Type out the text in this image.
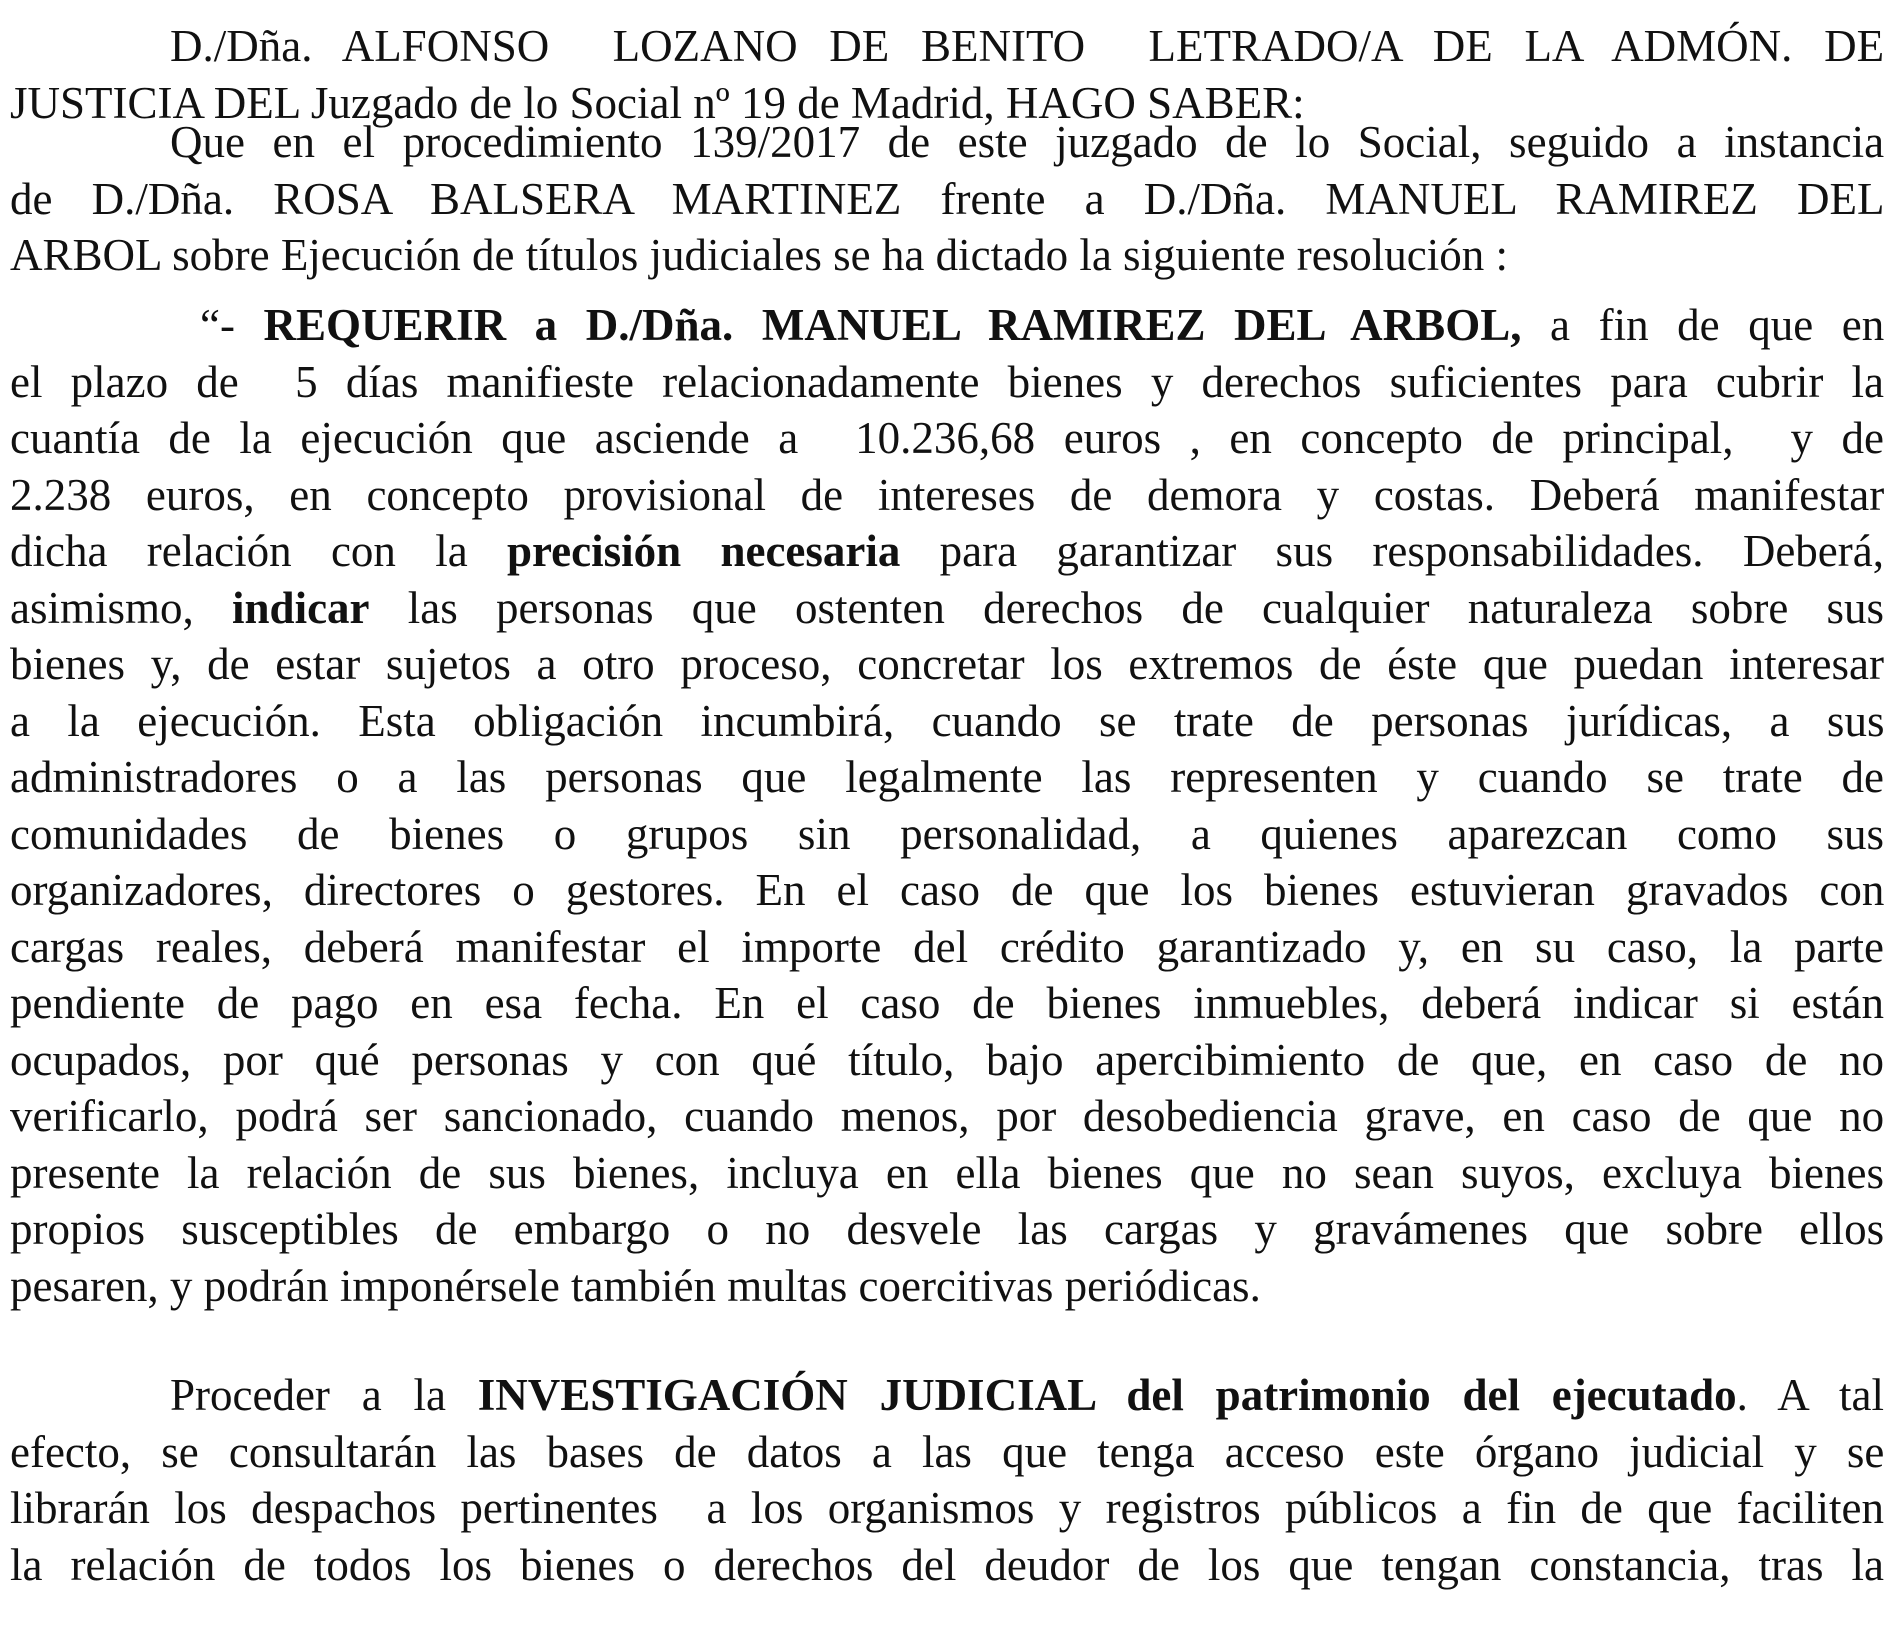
D./Dña. ALFONSO  LOZANO DE BENITO  LETRADO/A DE LA ADMÓN. DE
JUSTICIA DEL Juzgado de lo Social nº 19 de Madrid, HAGO SABER:
Que en el procedimiento 139/2017 de este juzgado de lo Social, seguido a instancia
de D./Dña. ROSA BALSERA MARTINEZ frente a D./Dña. MANUEL RAMIREZ DEL
ARBOL sobre Ejecución de títulos judiciales se ha dictado la siguiente resolución :
“- REQUERIR a D./Dña. MANUEL RAMIREZ DEL ARBOL, a fin de que en
el plazo de  5 días manifieste relacionadamente bienes y derechos suficientes para cubrir la
cuantía de la ejecución que asciende a  10.236,68 euros , en concepto de principal,  y de
2.238 euros, en concepto provisional de intereses de demora y costas. Deberá manifestar
dicha relación con la precisión necesaria para garantizar sus responsabilidades. Deberá,
asimismo, indicar las personas que ostenten derechos de cualquier naturaleza sobre sus
bienes y, de estar sujetos a otro proceso, concretar los extremos de éste que puedan interesar
a la ejecución. Esta obligación incumbirá, cuando se trate de personas jurídicas, a sus
administradores o a las personas que legalmente las representen y cuando se trate de
comunidades de bienes o grupos sin personalidad, a quienes aparezcan como sus
organizadores, directores o gestores. En el caso de que los bienes estuvieran gravados con
cargas reales, deberá manifestar el importe del crédito garantizado y, en su caso, la parte
pendiente de pago en esa fecha. En el caso de bienes inmuebles, deberá indicar si están
ocupados, por qué personas y con qué título, bajo apercibimiento de que, en caso de no
verificarlo, podrá ser sancionado, cuando menos, por desobediencia grave, en caso de que no
presente la relación de sus bienes, incluya en ella bienes que no sean suyos, excluya bienes
propios susceptibles de embargo o no desvele las cargas y gravámenes que sobre ellos
pesaren, y podrán imponérsele también multas coercitivas periódicas.
Proceder a la INVESTIGACIÓN JUDICIAL del patrimonio del ejecutado. A tal
efecto, se consultarán las bases de datos a las que tenga acceso este órgano judicial y se
librarán los despachos pertinentes  a los organismos y registros públicos a fin de que faciliten
la relación de todos los bienes o derechos del deudor de los que tengan constancia, tras la
